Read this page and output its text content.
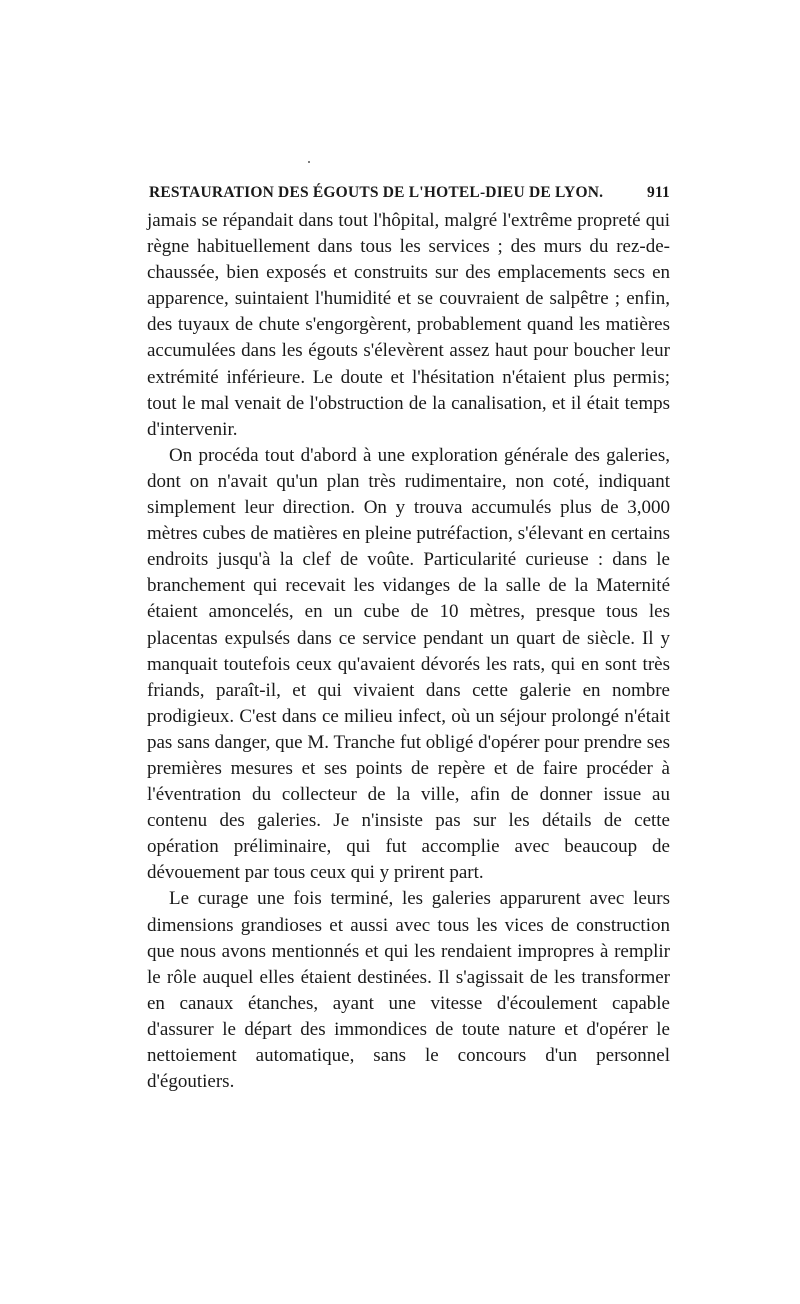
RESTAURATION DES ÉGOUTS DE L'HOTEL-DIEU DE LYON.	911

jamais se répandait dans tout l'hôpital, malgré l'extrême propreté qui règne habituellement dans tous les services ; des murs du rez-de-chaussée, bien exposés et construits sur des emplacements secs en apparence, suintaient l'humidité et se couvraient de salpêtre ; enfin, des tuyaux de chute s'engorgèrent, probablement quand les matières accumulées dans les égouts s'élevèrent assez haut pour boucher leur extrémité inférieure. Le doute et l'hésitation n'étaient plus permis; tout le mal venait de l'obstruction de la canalisation, et il était temps d'intervenir.

On procéda tout d'abord à une exploration générale des galeries, dont on n'avait qu'un plan très rudimentaire, non coté, indiquant simplement leur direction. On y trouva accumulés plus de 3,000 mètres cubes de matières en pleine putréfaction, s'élevant en certains endroits jusqu'à la clef de voûte. Particularité curieuse : dans le branchement qui recevait les vidanges de la salle de la Maternité étaient amoncelés, en un cube de 10 mètres, presque tous les placentas expulsés dans ce service pendant un quart de siècle. Il y manquait toutefois ceux qu'avaient dévorés les rats, qui en sont très friands, paraît-il, et qui vivaient dans cette galerie en nombre prodigieux. C'est dans ce milieu infect, où un séjour prolongé n'était pas sans danger, que M. Tranche fut obligé d'opérer pour prendre ses premières mesures et ses points de repère et de faire procéder à l'éventration du collecteur de la ville, afin de donner issue au contenu des galeries. Je n'insiste pas sur les détails de cette opération préliminaire, qui fut accomplie avec beaucoup de dévouement par tous ceux qui y prirent part.

Le curage une fois terminé, les galeries apparurent avec leurs dimensions grandioses et aussi avec tous les vices de construction que nous avons mentionnés et qui les rendaient impropres à remplir le rôle auquel elles étaient destinées. Il s'agissait de les transformer en canaux étanches, ayant une vitesse d'écoulement capable d'assurer le départ des immondices de toute nature et d'opérer le nettoiement automatique, sans le concours d'un personnel d'égoutiers.
